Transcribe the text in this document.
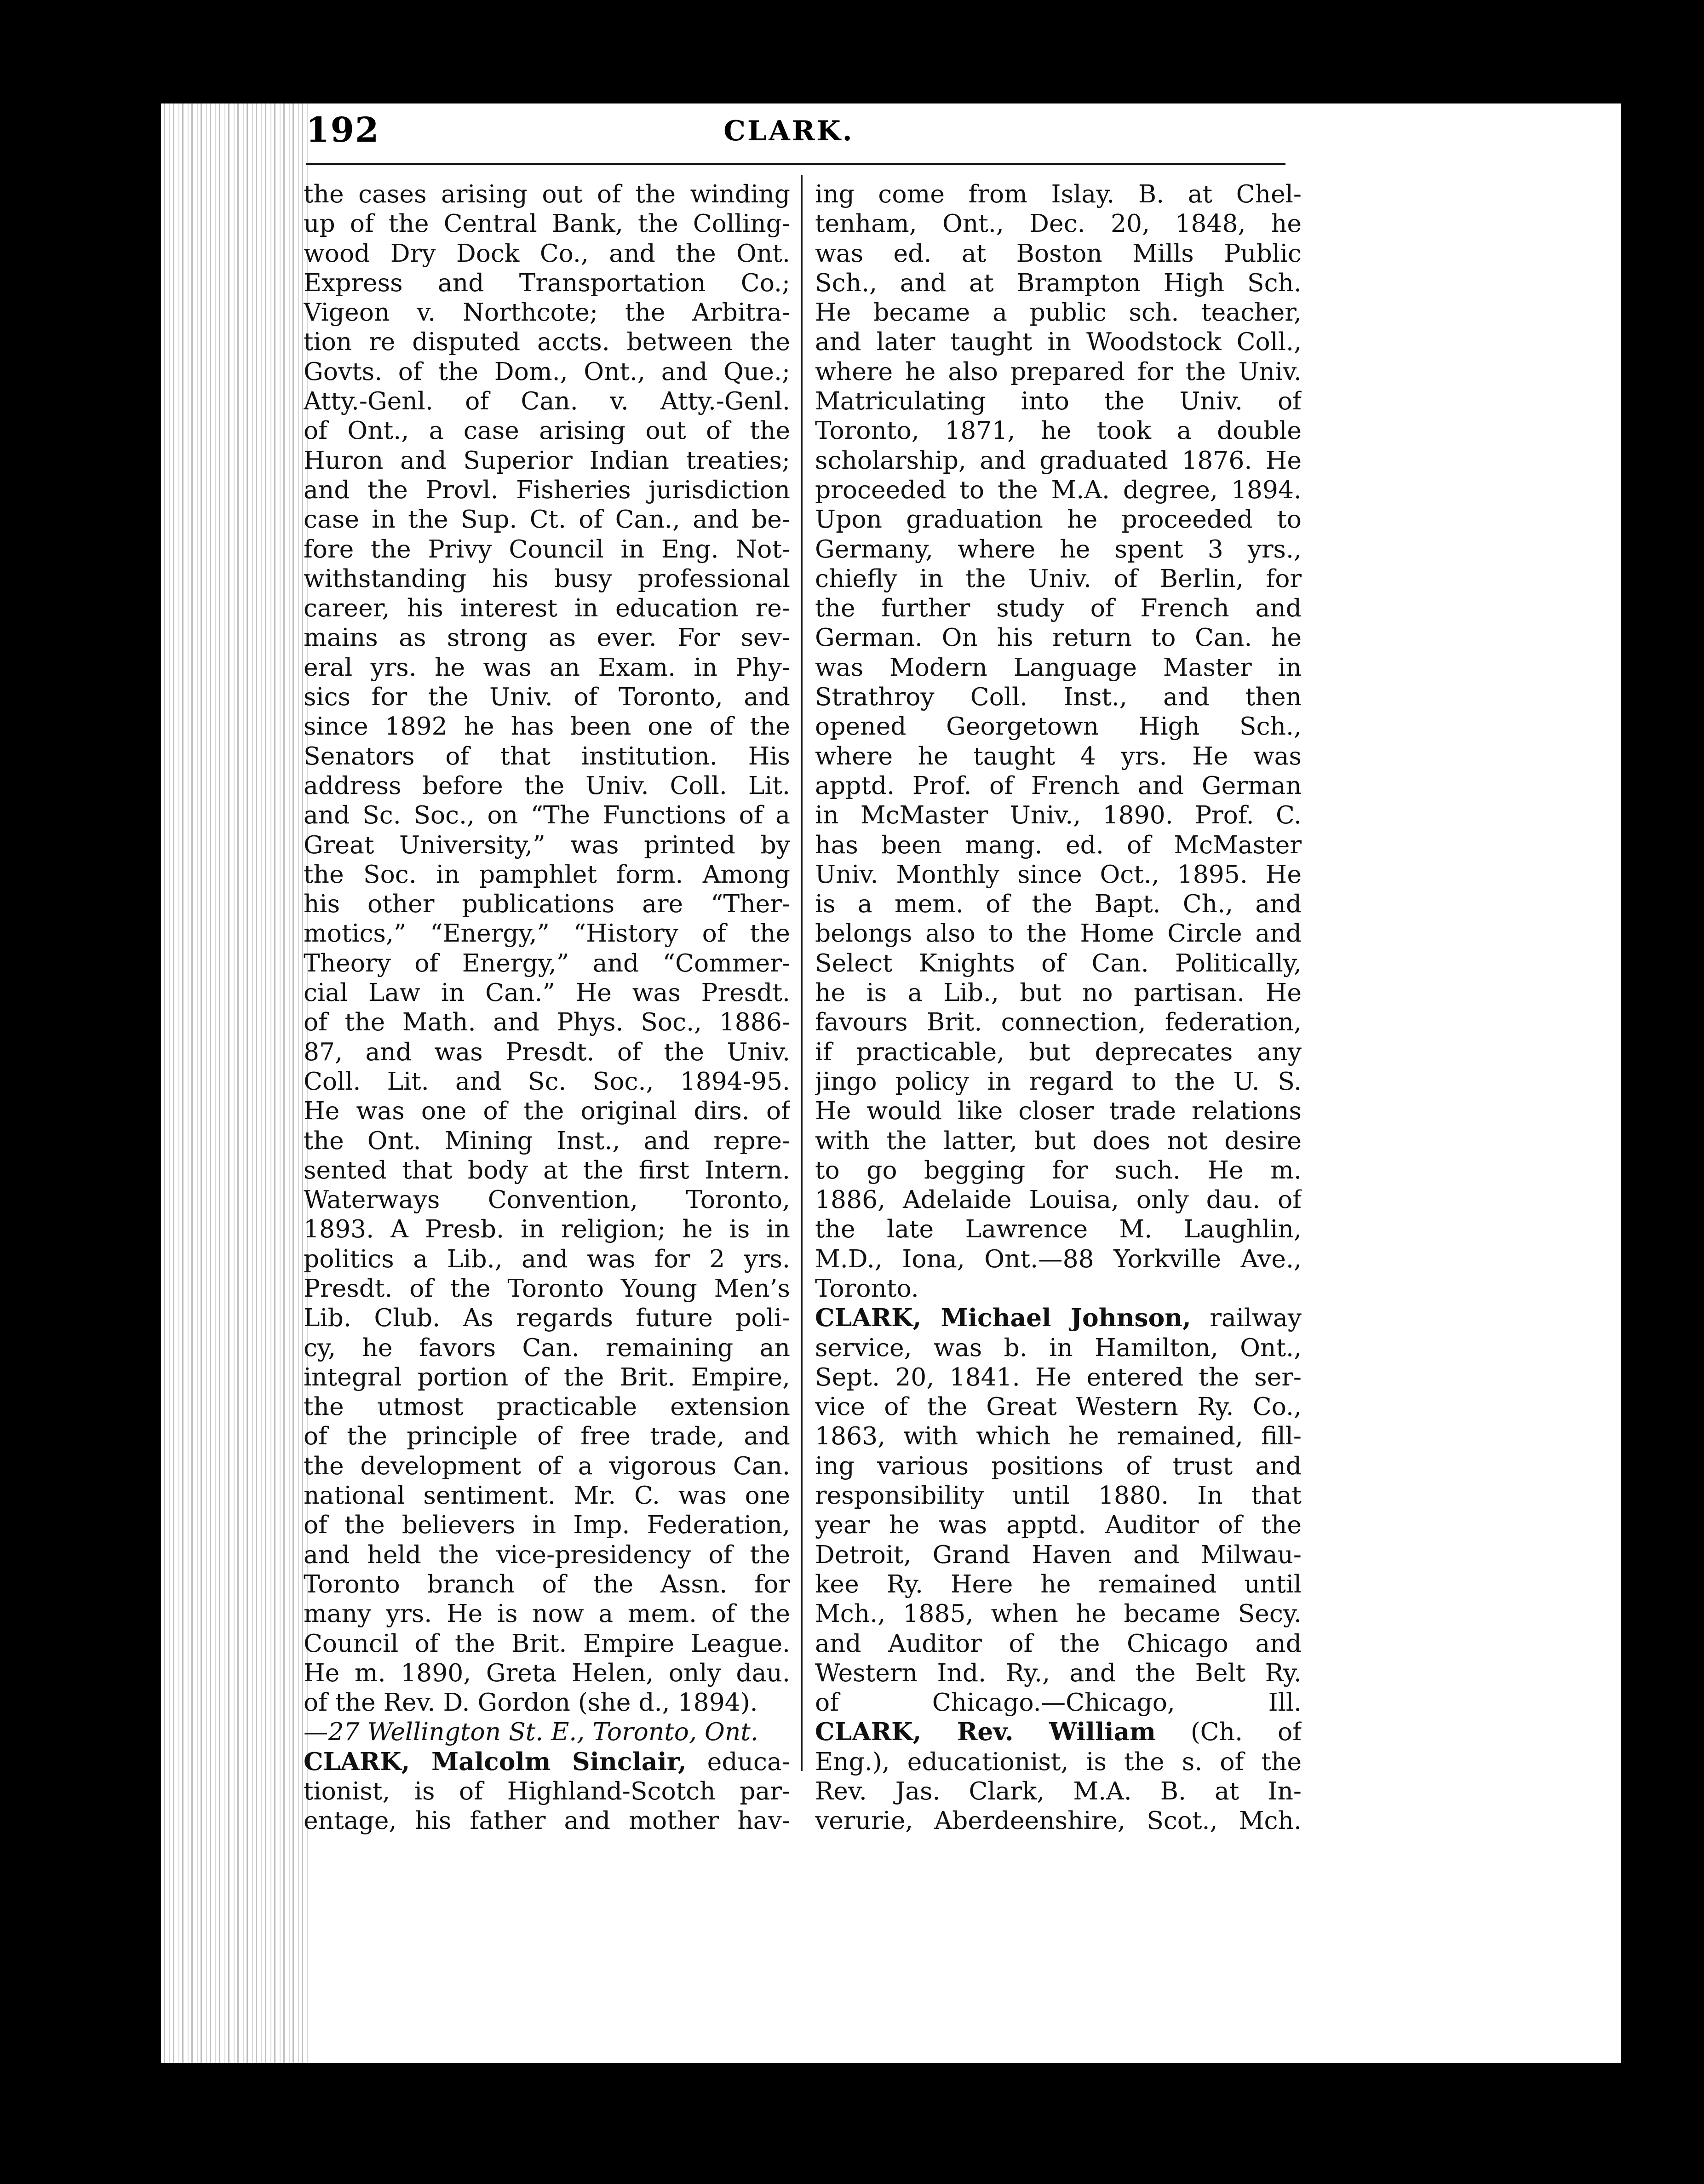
192	CLARK.
the cases arising out of the winding
up of the Central Bank, the Colling-
wood Dry Dock Co., and the Ont.
Express and Transportation Co.;
Vigeon v. Northcote; the Arbitra-
tion re disputed accts. between the
Govts. of the Dom., Ont., and Que.;
Atty.-Genl. of Can. v. Atty.-Genl.
of Ont., a case arising out of the
Huron and Superior Indian treaties;
and the Provl. Fisheries jurisdiction
case in the Sup. Ct. of Can., and be-
fore the Privy Council in Eng. Not-
withstanding his busy professional
career, his interest in education re-
mains as strong as ever. For sev-
eral yrs. he was an Exam. in Phy-
sics for the Univ. of Toronto, and
since 1892 he has been one of the
Senators of that institution. His
address before the Univ. Coll. Lit.
and Sc. Soc., on “The Functions of a
Great University,” was printed by
the Soc. in pamphlet form. Among
his other publications are “Ther-
motics,” “Energy,” “History of the
Theory of Energy,” and “Commer-
cial Law in Can.” He was Presdt.
of the Math. and Phys. Soc., 1886-
87, and was Presdt. of the Univ.
Coll. Lit. and Sc. Soc., 1894-95.
He was one of the original dirs. of
the Ont. Mining Inst., and repre-
sented that body at the first Intern.
Waterways Convention, Toronto,
1893. A Presb. in religion; he is in
politics a Lib., and was for 2 yrs.
Presdt. of the Toronto Young Men’s
Lib. Club. As regards future poli-
cy, he favors Can. remaining an
integral portion of the Brit. Empire,
the utmost practicable extension
of the principle of free trade, and
the development of a vigorous Can.
national sentiment. Mr. C. was one
of the believers in Imp. Federation,
and held the vice-presidency of the
Toronto branch of the Assn. for
many yrs. He is now a mem. of the
Council of the Brit. Empire League.
He m. 1890, Greta Helen, only dau.
of the Rev. D. Gordon (she d., 1894).
—27 Wellington St. E., Toronto, Ont.
CLARK, Malcolm Sinclair, educa-
tionist, is of Highland-Scotch par-
entage, his father and mother hav-
ing come from Islay. B. at Chel-
tenham, Ont., Dec. 20, 1848, he
was ed. at Boston Mills Public
Sch., and at Brampton High Sch.
He became a public sch. teacher,
and later taught in Woodstock Coll.,
where he also prepared for the Univ.
Matriculating into the Univ. of
Toronto, 1871, he took a double
scholarship, and graduated 1876. He
proceeded to the M.A. degree, 1894.
Upon graduation he proceeded to
Germany, where he spent 3 yrs.,
chiefly in the Univ. of Berlin, for
the further study of French and
German. On his return to Can. he
was Modern Language Master in
Strathroy Coll. Inst., and then
opened Georgetown High Sch.,
where he taught 4 yrs. He was
apptd. Prof. of French and German
in McMaster Univ., 1890. Prof. C.
has been mang. ed. of McMaster
Univ. Monthly since Oct., 1895. He
is a mem. of the Bapt. Ch., and
belongs also to the Home Circle and
Select Knights of Can. Politically,
he is a Lib., but no partisan. He
favours Brit. connection, federation,
if practicable, but deprecates any
jingo policy in regard to the U. S.
He would like closer trade relations
with the latter, but does not desire
to go begging for such. He m.
1886, Adelaide Louisa, only dau. of
the late Lawrence M. Laughlin,
M.D., Iona, Ont.—88 Yorkville Ave.,
Toronto.
CLARK, Michael Johnson, railway
service, was b. in Hamilton, Ont.,
Sept. 20, 1841. He entered the ser-
vice of the Great Western Ry. Co.,
1863, with which he remained, fill-
ing various positions of trust and
responsibility until 1880. In that
year he was apptd. Auditor of the
Detroit, Grand Haven and Milwau-
kee Ry. Here he remained until
Mch., 1885, when he became Secy.
and Auditor of the Chicago and
Western Ind. Ry., and the Belt Ry.
of Chicago.—Chicago, Ill.
CLARK, Rev. William (Ch. of
Eng.), educationist, is the s. of the
Rev. Jas. Clark, M.A. B. at In-
verurie, Aberdeenshire, Scot., Mch.
